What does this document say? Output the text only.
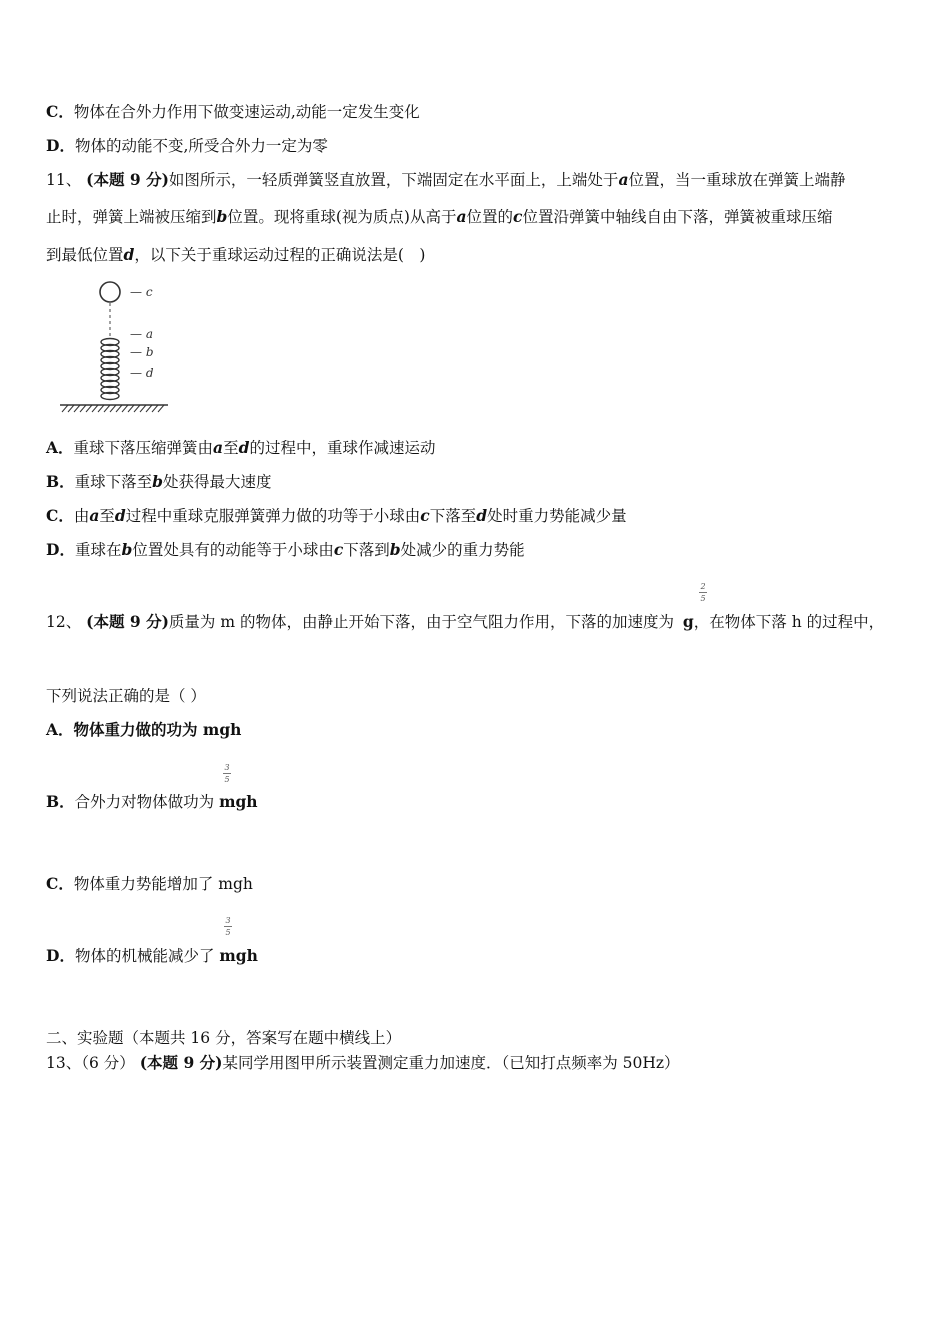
C．物体在合外力作用下做变速运动,动能一定发生变化
D．物体的动能不变,所受合外力一定为零
11、 (本题 9 分)如图所示，一轻质弹簧竖直放置，下端固定在水平面上，上端处于a位置，当一重球放在弹簧上端静
止时，弹簧上端被压缩到b位置。现将重球(视为质点)从高于a位置的c位置沿弹簧中轴线自由下落，弹簧被重球压缩
到最低位置d，以下关于重球运动过程的正确说法是(　)
— c
— a
— b
— d
A．重球下落压缩弹簧由a至d的过程中，重球作减速运动
B．重球下落至b处获得最大速度
C．由a至d过程中重球克服弹簧弹力做的功等于小球由c下落至d处时重力势能减少量
D．重球在b位置处具有的动能等于小球由c下落到b处减少的重力势能
2
5
12、 (本题 9 分)质量为 m 的物体，由静止开始下落，由于空气阻力作用，下落的加速度为 g，在物体下落 h 的过程中，
下列说法正确的是（ ）
A．物体重力做的功为 mgh
3
5
B．合外力对物体做功为 mgh
C．物体重力势能增加了 mgh
3
5
D．物体的机械能减少了 mgh
二、实验题（本题共 16 分，答案写在题中横线上）
13、（6 分） (本题 9 分)某同学用图甲所示装置测定重力加速度．（已知打点频率为 50Hz）
